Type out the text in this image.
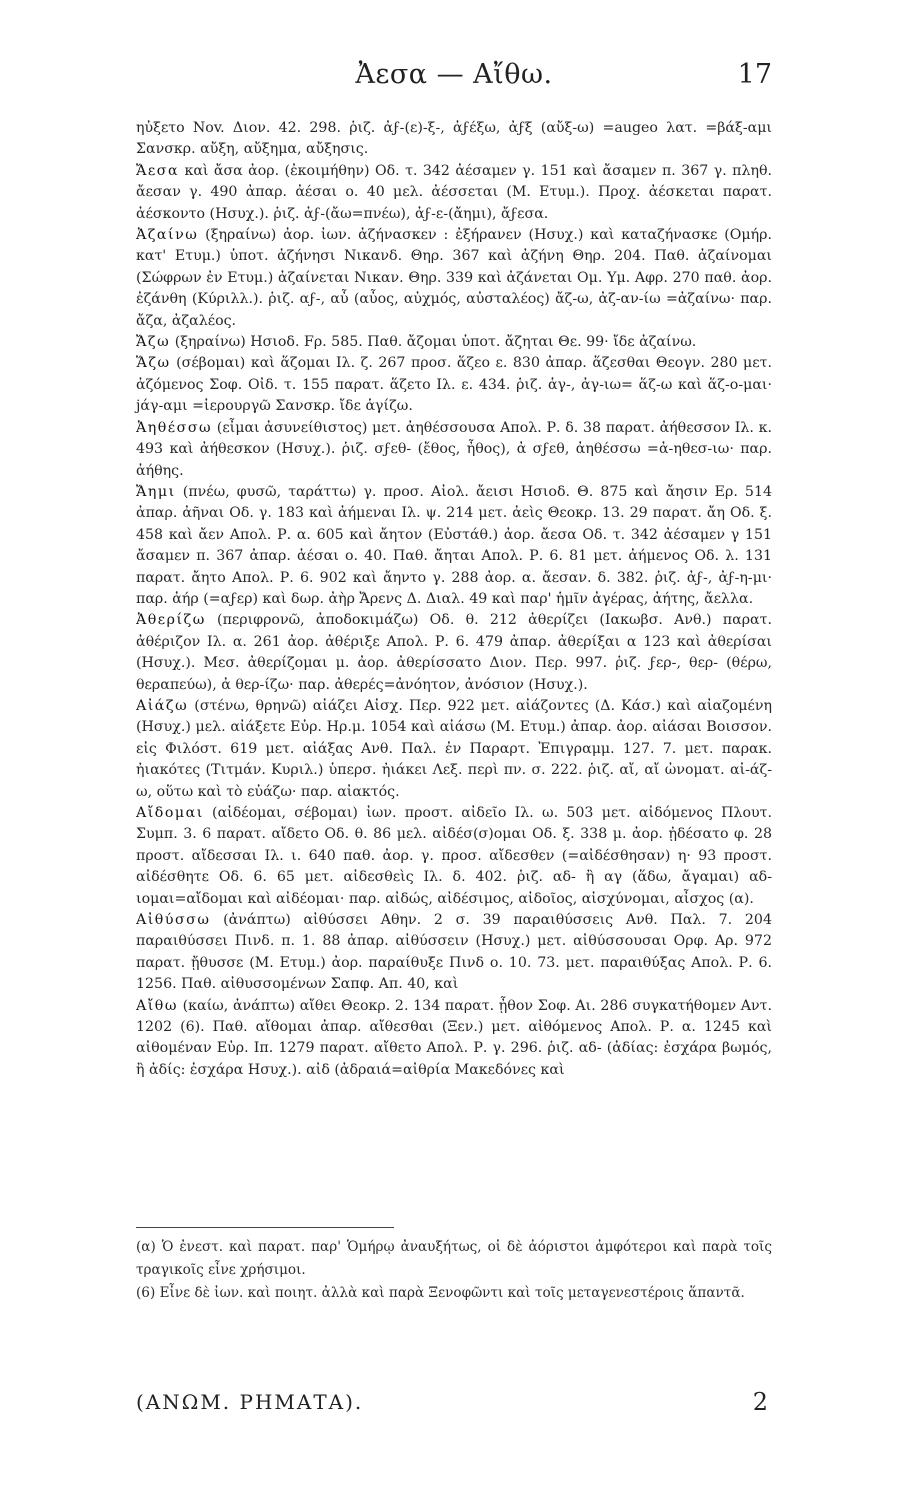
Ἀεσα — Αἴθω.	17

ηὐξετο Nov. Διον. 42. 298. ῥιζ. ἀϝ-(ε)-ξ-, ἀϝέξω, ἀϝξ (αὔξ-ω) =augeo λατ. =βάξ-αμι Σανσκρ. αὔξη, αὔξημα, αὔξησις.

Ἄεσα καὶ ἄσα ἀορ. (ἐκοιμήθην) Οδ. τ. 342 ἀέσαμεν γ. 151 καὶ ἄσαμεν π. 367 γ. πληθ. ἄεσαν γ. 490 ἀπαρ. ἀέσαι ο. 40 μελ. ἀέσσεται (Μ. Ετυμ.). Προχ. ἀέσκεται παρατ. ἀέσκοντο (Ησυχ.). ῥιζ. ἀϝ-(ἄω=πνέω), ἀϝ-ε-(ἄημι), ἄϝεσα.

Ἀζαίνω (ξηραίνω) ἀορ. ἰων. ἀζήνασκεν : ἐξήρανεν (Ησυχ.) καὶ καταζήνασκε (Ομήρ. κατ' Ετυμ.) ὑποτ. ἀζήνησι Νικανδ. Θηρ. 367 καὶ ἀζήνη Θηρ. 204. Παθ. ἀζαίνομαι (Σώφρων ἐν Ετυμ.) ἀζαίνεται Νικαν. Θηρ. 339 καὶ ἀζάνεται Ομ. Υμ. Αφρ. 270 παθ. ἀορ. ἐζάνθη (Κύριλλ.). ῥιζ. αϝ-, αὖ (αὖος, αὐχμός, αὐσταλέος) ἄζ-ω, ἀζ-αν-ίω =ἀζαίνω· παρ. ἄζα, ἀζαλέος.

Ἄζω (ξηραίνω) Ησιοδ. Fρ. 585. Παθ. ἄζομαι ὑποτ. ἄζηται Θε. 99· ἴδε ἀζαίνω.

Ἅζω (σέβομαι) καὶ ἅζομαι Ιλ. ζ. 267 προσ. ἅζεο ε. 830 ἀπαρ. ἅζεσθαι Θεογν. 280 μετ. ἁζόμενος Σοφ. Οἰδ. τ. 155 παρατ. ἅζετο Ιλ. ε. 434. ῥιζ. ἁγ-, ἁγ-ιω= ἅζ-ω καὶ ἅζ-ο-μαι· jάγ-αμι =ἱερουργῶ Σανσκρ. ἴδε ἁγίζω.

Ἀηθέσσω (εἶμαι ἀσυνείθιστος) μετ. ἀηθέσσουσα Απολ. Ρ. δ. 38 παρατ. ἀήθεσσον Ιλ. κ. 493 καὶ ἀήθεσκον (Ησυχ.). ῥιζ. σϝεθ- (ἔθος, ἦθος), ἀ σϝεθ, ἀηθέσσω =ἀ-ηθεσ-ιω· παρ. ἀήθης.

Ἄημι (πνέω, φυσῶ, ταράττω) γ. προσ. Αἰολ. ἄεισι Ησιοδ. Θ. 875 καὶ ἄησιν Ερ. 514 ἀπαρ. ἀῆναι Οδ. γ. 183 καὶ ἀήμεναι Ιλ. ψ. 214 μετ. ἀεὶς Θεοκρ. 13. 29 παρατ. ἄη Οδ. ξ. 458 καὶ ἄεν Απολ. Ρ. α. 605 καὶ ἄητον (Εὐστάθ.) ἀορ. ἄεσα Οδ. τ. 342 ἀέσαμεν γ 151 ἄσαμεν π. 367 ἀπαρ. ἀέσαι ο. 40. Παθ. ἄηται Απολ. Ρ. 6. 81 μετ. ἀήμενος Οδ. λ. 131 παρατ. ἄητο Απολ. Ρ. 6. 902 καὶ ἄηντο γ. 288 ἀορ. α. ἄεσαν. δ. 382. ῥιζ. ἀϝ-, ἀϝ-η-μι· παρ. ἀήρ (=αϝερ) καὶ δωρ. ἀὴρ Ἄρενς Δ. Διαλ. 49 καὶ παρ' ἡμῖν ἀγέρας, ἀήτης, ἄελλα.

Ἀθερίζω (περιφρονῶ, ἀποδοκιμάζω) Οδ. θ. 212 ἀθερίζει (Ιακωβσ. Ανθ.) παρατ. ἀθέριζον Ιλ. α. 261 ἀορ. ἀθέριξε Απολ. Ρ. 6. 479 ἀπαρ. ἀθερίξαι α 123 καὶ ἀθερίσαι (Ησυχ.). Μεσ. ἀθερίζομαι μ. ἀορ. ἀθερίσσατο Διον. Περ. 997. ῥιζ. ϝερ-, θερ- (θέρω, θεραπεύω), ἀ θερ-ίζω· παρ. ἀθερές=ἀνόητον, ἀνόσιον (Ησυχ.).

Αἰάζω (στένω, θρηνῶ) αἰάζει Αἰσχ. Περ. 922 μετ. αἰάζοντες (Δ. Κάσ.) καὶ αἰαζομένη (Ησυχ.) μελ. αἰάξετε Εὐρ. Ηρ.μ. 1054 καὶ αἰάσω (Μ. Ετυμ.) ἀπαρ. ἀορ. αἰάσαι Βοισσον. εἰς Φιλόστ. 619 μετ. αἰάξας Ανθ. Παλ. ἐν Παραρτ. Ἐπιγραμμ. 127. 7. μετ. παρακ. ἠιακότες (Τιτμάν. Κυριλ.) ὑπερσ. ἠιάκει Λεξ. περὶ πν. σ. 222. ῥιζ. αἴ, αἴ ὠνοματ. αἰ-άζ-ω, οὕτω καὶ τὸ εὐάζω· παρ. αἰακτός.

Αἴδομαι (αἰδέομαι, σέβομαι) ἰων. προστ. αἰδεῖο Ιλ. ω. 503 μετ. αἰδόμενος Πλουτ. Συμπ. 3. 6 παρατ. αἴδετο Οδ. θ. 86 μελ. αἰδέσ(σ)ομαι Οδ. ξ. 338 μ. ἀορ. ᾐδέσατο φ. 28 προστ. αἴδεσσαι Ιλ. ι. 640 παθ. ἀορ. γ. προσ. αἴδεσθεν (=αἰδέσθησαν) η· 93 προστ. αἰδέσθητε Οδ. 6. 65 μετ. αἰδεσθεὶς Ιλ. δ. 402. ῥιζ. αδ- ἢ αγ (ἅδω, ἄγαμαι) αδ-ιομαι=αἴδομαι καὶ αἰδέομαι· παρ. αἰδώς, αἰδέσιμος, αἰδοῖος, αἰσχύνομαι, αἶσχος (α).

Αἰθύσσω (ἀνάπτω) αἰθύσσει Αθην. 2 σ. 39 παραιθύσσεις Ανθ. Παλ. 7. 204 παραιθύσσει Πινδ. π. 1. 88 ἀπαρ. αἰθύσσειν (Ησυχ.) μετ. αἰθύσσουσαι Ορφ. Αρ. 972 παρατ. ᾔθυσσε (Μ. Ετυμ.) ἀορ. παραίθυξε Πινδ ο. 10. 73. μετ. παραιθύξας Απολ. Ρ. 6. 1256. Παθ. αἰθυσσομένων Σαπφ. Απ. 40, καὶ

Αἴθω (καίω, ἀνάπτω) αἴθει Θεοκρ. 2. 134 παρατ. ᾖθον Σοφ. Αι. 286 συγκατήθομεν Αντ. 1202 (6). Παθ. αἴθομαι ἀπαρ. αἴθεσθαι (Ξεν.) μετ. αἰθόμενος Απολ. Ρ. α. 1245 καὶ αἰθομέναν Εὐρ. Ιπ. 1279 παρατ. αἴθετο Απολ. Ρ. γ. 296. ῥιζ. αδ- (ἀδίας: ἐσχάρα βωμός, ἢ ἀδίς: ἐσχάρα Ησυχ.). αἰδ (ἀδραιά=αἰθρία Μακεδόνες καὶ

(α) Ὁ ἐνεστ. καὶ παρατ. παρ' Ὁμήρῳ ἀναυξήτως, οἱ δὲ ἀόριστοι ἀμφότεροι καὶ παρὰ τοῖς τραγικοῖς εἶνε χρήσιμοι.

(6) Εἶνε δὲ ἰων. καὶ ποιητ. ἀλλὰ καὶ παρὰ Ξενοφῶντι καὶ τοῖς μεταγενεστέροις ἅπαντᾶ.

(ΑΝΩΜ. ΡΗΜΑΤΑ).	2
